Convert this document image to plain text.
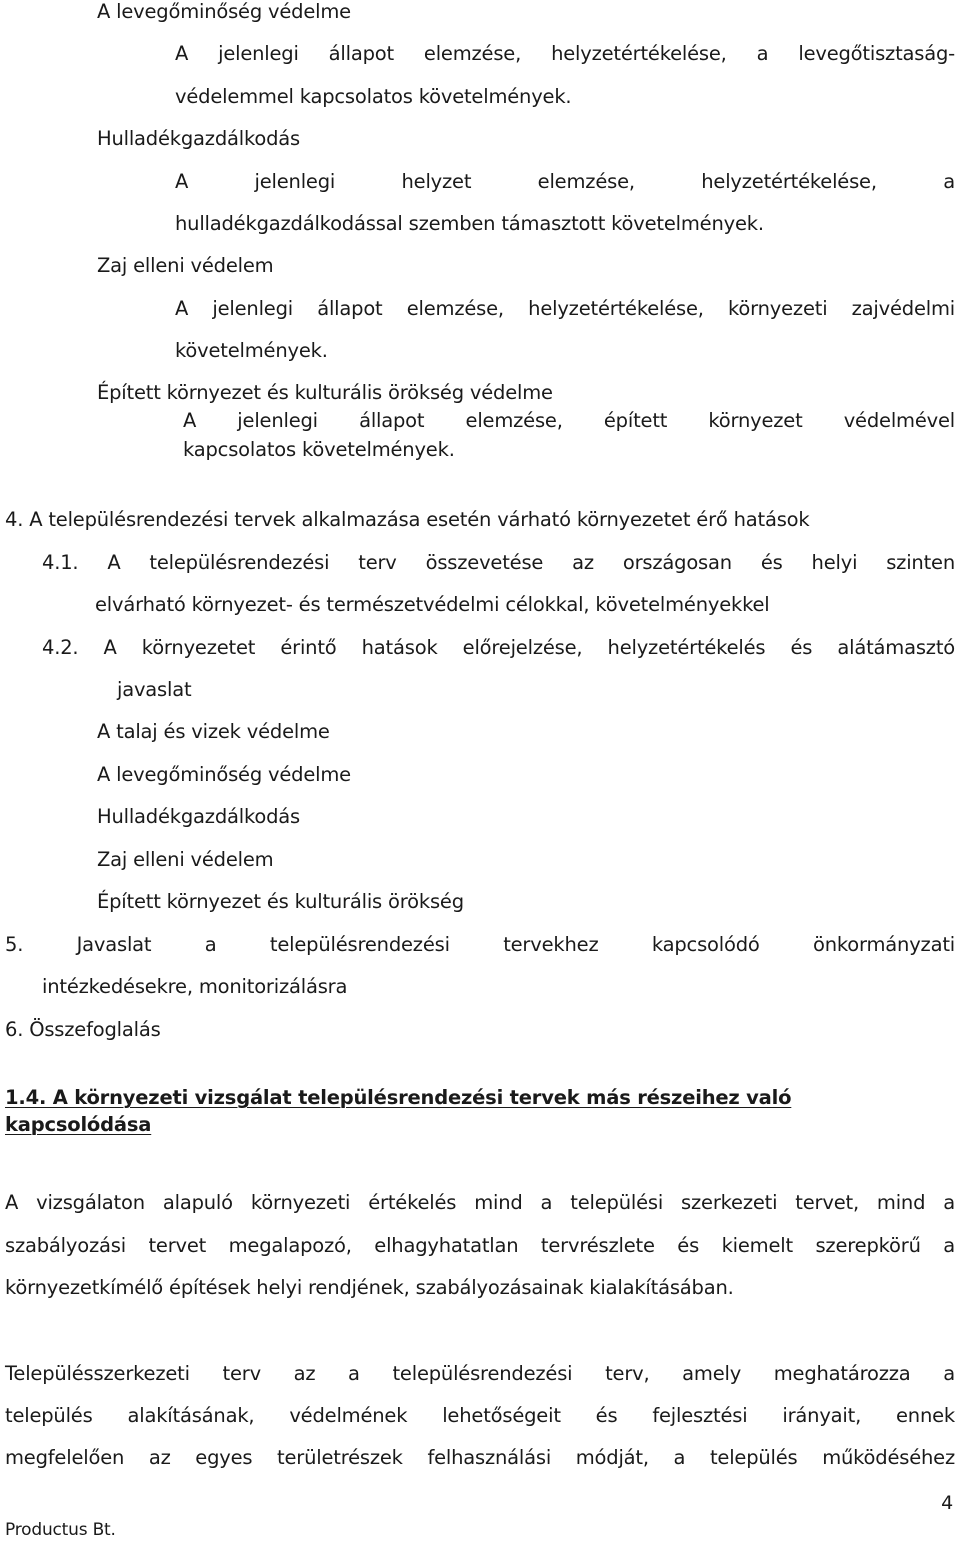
A levegőminőség védelme
A jelenlegi állapot elemzése, helyzetértékelése, a levegőtisztaság-
védelemmel kapcsolatos követelmények.
Hulladékgazdálkodás
A jelenlegi helyzet elemzése, helyzetértékelése, a
hulladékgazdálkodással szemben támasztott követelmények.
Zaj elleni védelem
A jelenlegi állapot elemzése, helyzetértékelése, környezeti zajvédelmi
követelmények.
Épített környezet és kulturális örökség védelme
A jelenlegi állapot elemzése, épített környezet védelmével
kapcsolatos követelmények.
4. A településrendezési tervek alkalmazása esetén várható környezetet érő hatások
4.1. A településrendezési terv összevetése az országosan és helyi szinten
elvárható környezet- és természetvédelmi célokkal, követelményekkel
4.2. A környezetet érintő hatások előrejelzése, helyzetértékelés és alátámasztó
javaslat
A talaj és vizek védelme
A levegőminőség védelme
Hulladékgazdálkodás
Zaj elleni védelem
Épített környezet és kulturális örökség
5. Javaslat a településrendezési tervekhez kapcsolódó önkormányzati
intézkedésekre, monitorizálásra
6. Összefoglalás
1.4. A környezeti vizsgálat településrendezési tervek más részeihez való
kapcsolódása
A vizsgálaton alapuló környezeti értékelés mind a települési szerkezeti tervet, mind a
szabályozási tervet megalapozó, elhagyhatatlan tervrészlete és kiemelt szerepkörű a
környezetkímélő építések helyi rendjének, szabályozásainak kialakításában.
Településszerkezeti terv az a településrendezési terv, amely meghatározza a
település alakításának, védelmének lehetőségeit és fejlesztési irányait, ennek
megfelelően az egyes területrészek felhasználási módját, a település működéséhez
4
Productus Bt.
